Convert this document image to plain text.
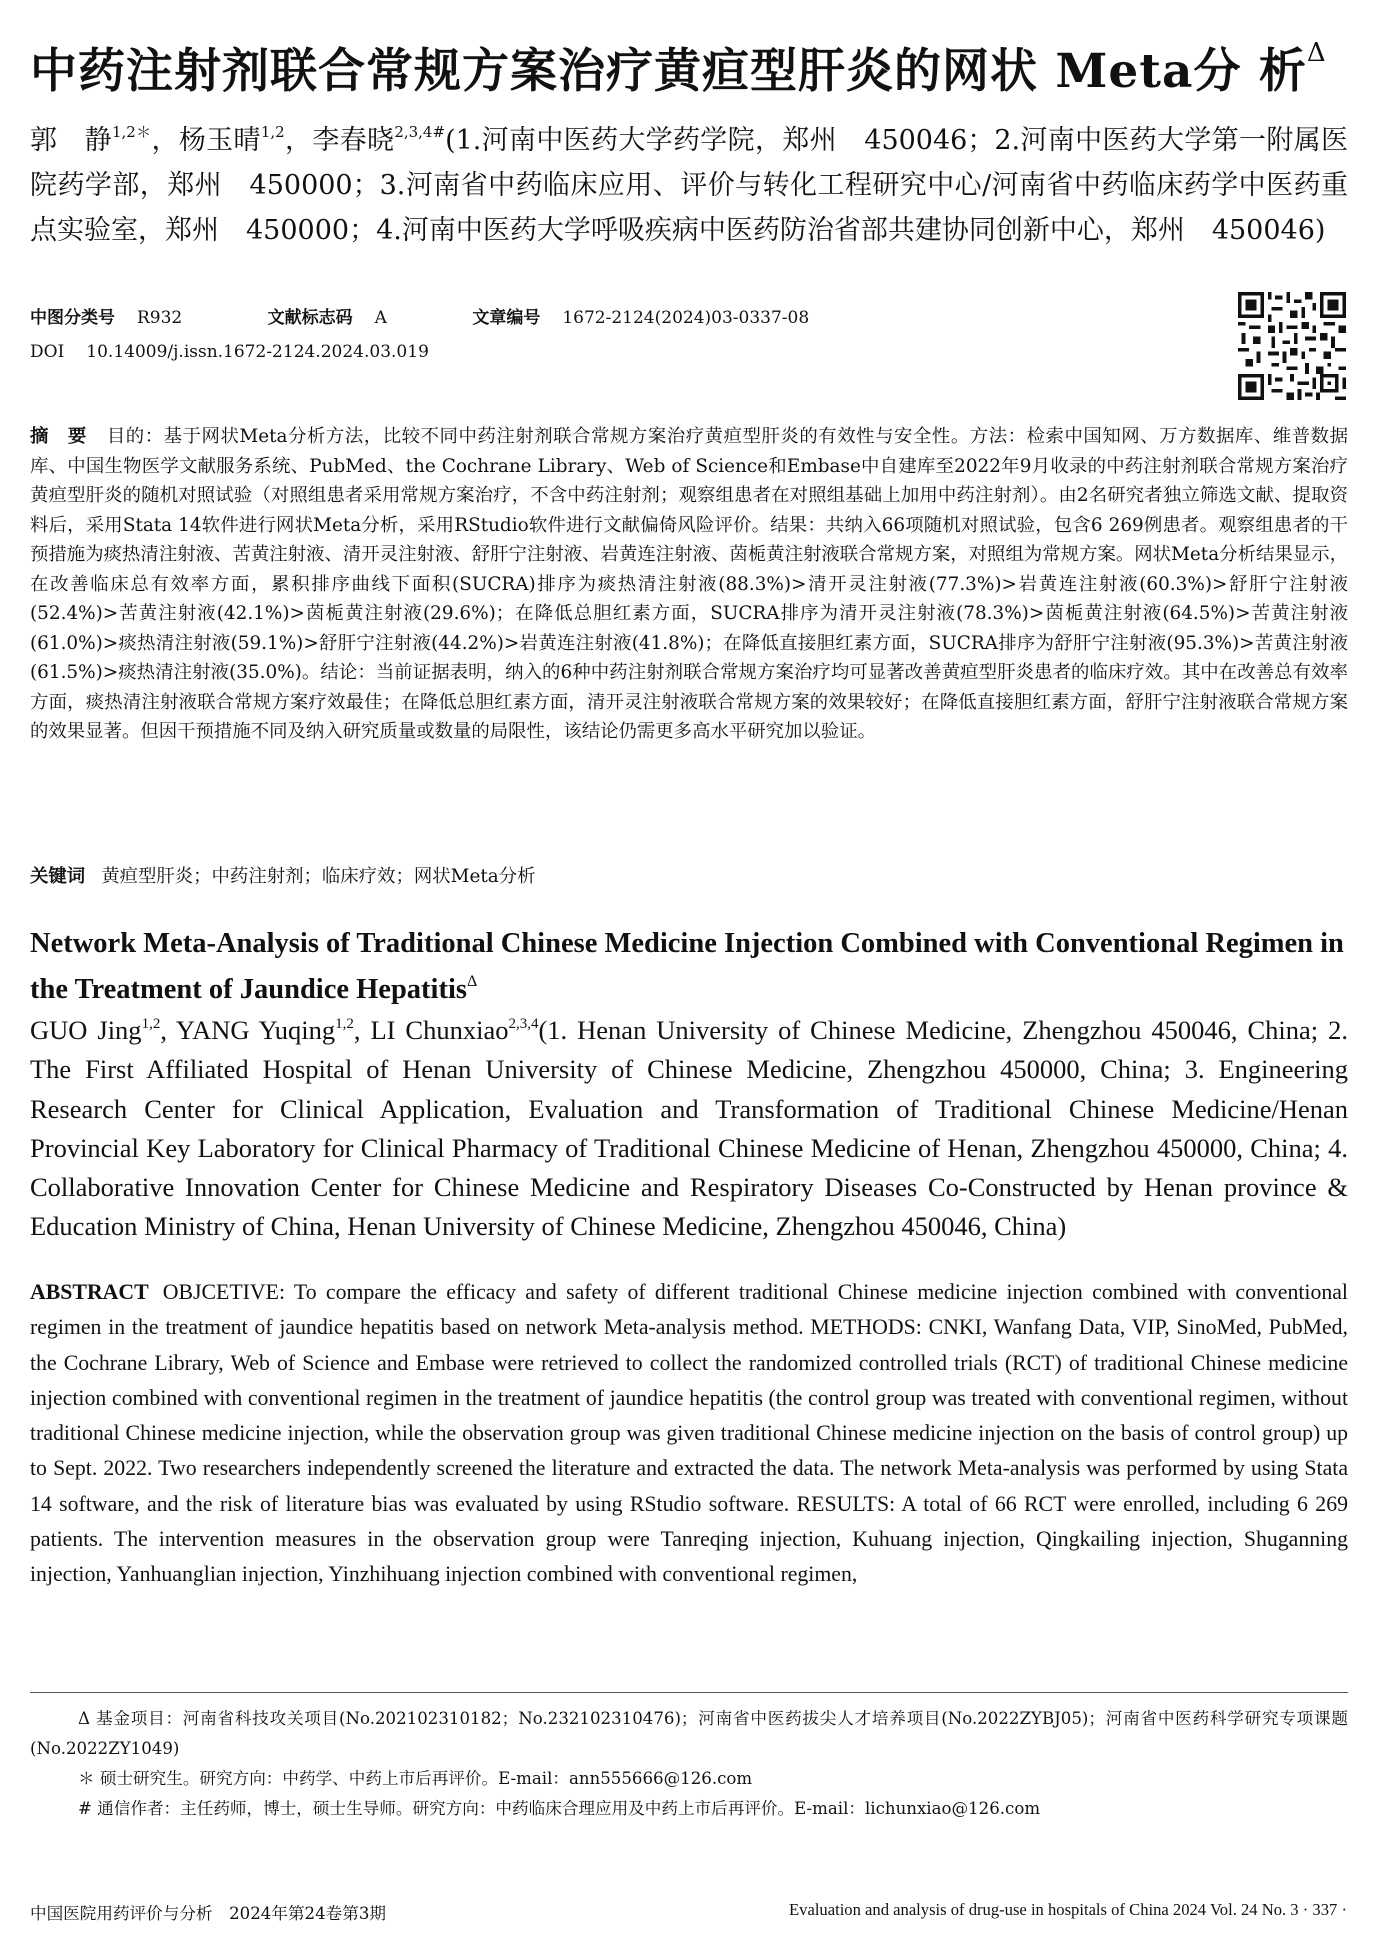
中药注射剂联合常规方案治疗黄疸型肝炎的网状 Meta分 析$^\Delta$
郭　静$^{1,2*}$，杨玉晴$^{1,2}$，李春晓$^{2,3,4\#}$(1.河南中医药大学药学院，郑州　450046；2.河南中医药大学第一附属医院药学部，郑州　450000；3.河南省中药临床应用、评价与转化工程研究中心/河南省中药临床药学中医药重点实验室，郑州　450000；4.河南中医药大学呼吸疾病中医药防治省部共建协同创新中心，郑州　450046)
中图分类号 R932	文献标志码 A	文章编号 1672-2124(2024)03-0337-08
DOI 10.14009/j.issn.1672-2124.2024.03.019
摘　要 目的：基于网状Meta分析方法，比较不同中药注射剂联合常规方案治疗黄疸型肝炎的有效性与安全性。方法：检索中国知网、万方数据库、维普数据库、中国生物医学文献服务系统、PubMed、the Cochrane Library、Web of Science和Embase中自建库至2022年9月收录的中药注射剂联合常规方案治疗黄疸型肝炎的随机对照试验（对照组患者采用常规方案治疗，不含中药注射剂；观察组患者在对照组基础上加用中药注射剂）。由2名研究者独立筛选文献、提取资料后，采用Stata 14软件进行网状Meta分析，采用RStudio软件进行文献偏倚风险评价。结果：共纳入66项随机对照试验，包含6 269例患者。观察组患者的干预措施为痰热清注射液、苦黄注射液、清开灵注射液、舒肝宁注射液、岩黄连注射液、茵栀黄注射液联合常规方案，对照组为常规方案。网状Meta分析结果显示，在改善临床总有效率方面，累积排序曲线下面积(SUCRA)排序为痰热清注射液(88.3%)>清开灵注射液(77.3%)>岩黄连注射液(60.3%)>舒肝宁注射液(52.4%)>苦黄注射液(42.1%)>茵栀黄注射液(29.6%)；在降低总胆红素方面，SUCRA排序为清开灵注射液(78.3%)>茵栀黄注射液(64.5%)>苦黄注射液(61.0%)>痰热清注射液(59.1%)>舒肝宁注射液(44.2%)>岩黄连注射液(41.8%)；在降低直接胆红素方面，SUCRA排序为舒肝宁注射液(95.3%)>苦黄注射液(61.5%)>痰热清注射液(35.0%)。结论：当前证据表明，纳入的6种中药注射剂联合常规方案治疗均可显著改善黄疸型肝炎患者的临床疗效。其中在改善总有效率方面，痰热清注射液联合常规方案疗效最佳；在降低总胆红素方面，清开灵注射液联合常规方案的效果较好；在降低直接胆红素方面，舒肝宁注射液联合常规方案的效果显著。但因干预措施不同及纳入研究质量或数量的局限性，该结论仍需更多高水平研究加以验证。
关键词 黄疸型肝炎；中药注射剂；临床疗效；网状Meta分析
Network Meta-Analysis of Traditional Chinese Medicine Injection Combined with Conventional Regimen in the Treatment of Jaundice Hepatitis$^\Delta$
GUO Jing$^{1,2}$, YANG Yuqing$^{1,2}$, LI Chunxiao$^{2,3,4}$(1. Henan University of Chinese Medicine, Zhengzhou 450046, China; 2. The First Affiliated Hospital of Henan University of Chinese Medicine, Zhengzhou 450000, China; 3. Engineering Research Center for Clinical Application, Evaluation and Transformation of Traditional Chinese Medicine/Henan Provincial Key Laboratory for Clinical Pharmacy of Traditional Chinese Medicine of Henan, Zhengzhou 450000, China; 4. Collaborative Innovation Center for Chinese Medicine and Respiratory Diseases Co-Constructed by Henan province & Education Ministry of China, Henan University of Chinese Medicine, Zhengzhou 450046, China)
ABSTRACT OBJCETIVE: To compare the efficacy and safety of different traditional Chinese medicine injection combined with conventional regimen in the treatment of jaundice hepatitis based on network Meta-analysis method. METHODS: CNKI, Wanfang Data, VIP, SinoMed, PubMed, the Cochrane Library, Web of Science and Embase were retrieved to collect the randomized controlled trials (RCT) of traditional Chinese medicine injection combined with conventional regimen in the treatment of jaundice hepatitis (the control group was treated with conventional regimen, without traditional Chinese medicine injection, while the observation group was given traditional Chinese medicine injection on the basis of control group) up to Sept. 2022. Two researchers independently screened the literature and extracted the data. The network Meta-analysis was performed by using Stata 14 software, and the risk of literature bias was evaluated by using RStudio software. RESULTS: A total of 66 RCT were enrolled, including 6 269 patients. The intervention measures in the observation group were Tanreqing injection, Kuhuang injection, Qingkailing injection, Shuganning injection, Yanhuanglian injection, Yinzhihuang injection combined with conventional regimen,
Δ 基金项目：河南省科技攻关项目(No.202102310182；No.232102310476)；河南省中医药拔尖人才培养项目(No.2022ZYBJ05)；河南省中医药科学研究专项课题(No.2022ZY1049)
＊ 硕士研究生。研究方向：中药学、中药上市后再评价。E-mail：ann555666@126.com
# 通信作者：主任药师，博士，硕士生导师。研究方向：中药临床合理应用及中药上市后再评价。E-mail：lichunxiao@126.com
中国医院用药评价与分析　2024年第24卷第3期	Evaluation and analysis of drug-use in hospitals of China 2024 Vol. 24 No. 3 · 337 ·
